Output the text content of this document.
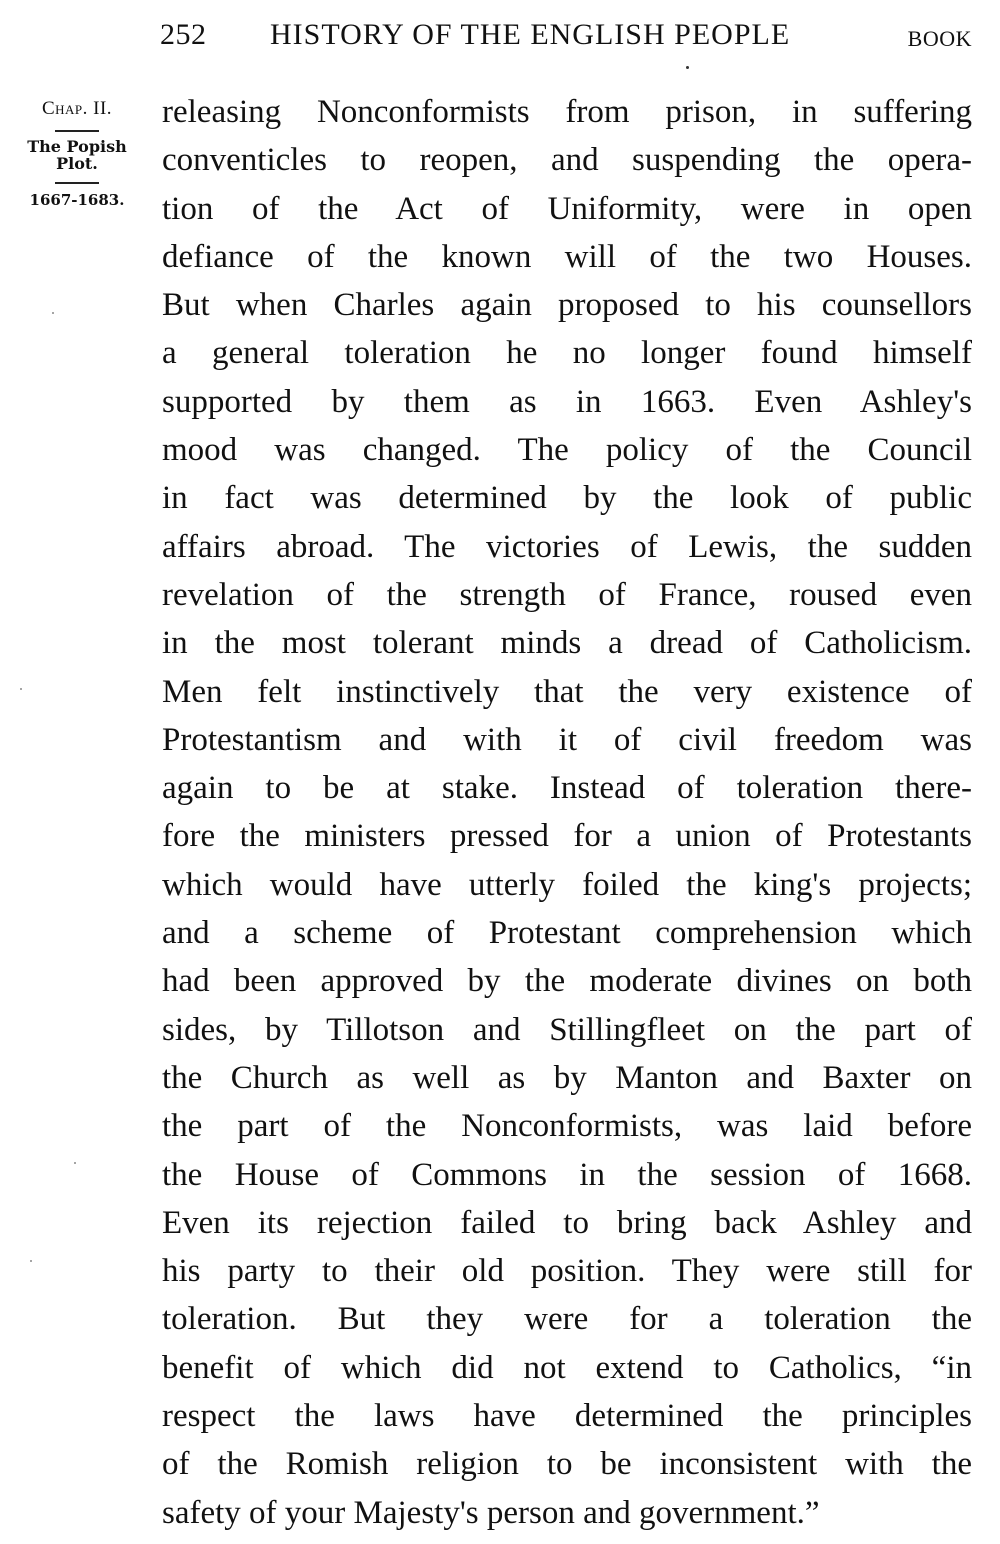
252 HISTORY OF THE ENGLISH PEOPLE	BOOK
Chap. II.
The Popish
Plot.
1667-1683.
releasing Nonconformists from prison, in suffering
conventicles to reopen, and suspending the opera-
tion of the Act of Uniformity, were in open
defiance of the known will of the two Houses.
But when Charles again proposed to his counsellors
a general toleration he no longer found himself
supported by them as in 1663. Even Ashley's
mood was changed. The policy of the Council
in fact was determined by the look of public
affairs abroad. The victories of Lewis, the sudden
revelation of the strength of France, roused even
in the most tolerant minds a dread of Catholicism.
Men felt instinctively that the very existence of
Protestantism and with it of civil freedom was
again to be at stake. Instead of toleration there-
fore the ministers pressed for a union of Protestants
which would have utterly foiled the king's projects;
and a scheme of Protestant comprehension which
had been approved by the moderate divines on both
sides, by Tillotson and Stillingfleet on the part of
the Church as well as by Manton and Baxter on
the part of the Nonconformists, was laid before
the House of Commons in the session of 1668.
Even its rejection failed to bring back Ashley and
his party to their old position. They were still for
toleration. But they were for a toleration the
benefit of which did not extend to Catholics, “in
respect the laws have determined the principles
of the Romish religion to be inconsistent with the
safety of your Majesty's person and government.”
